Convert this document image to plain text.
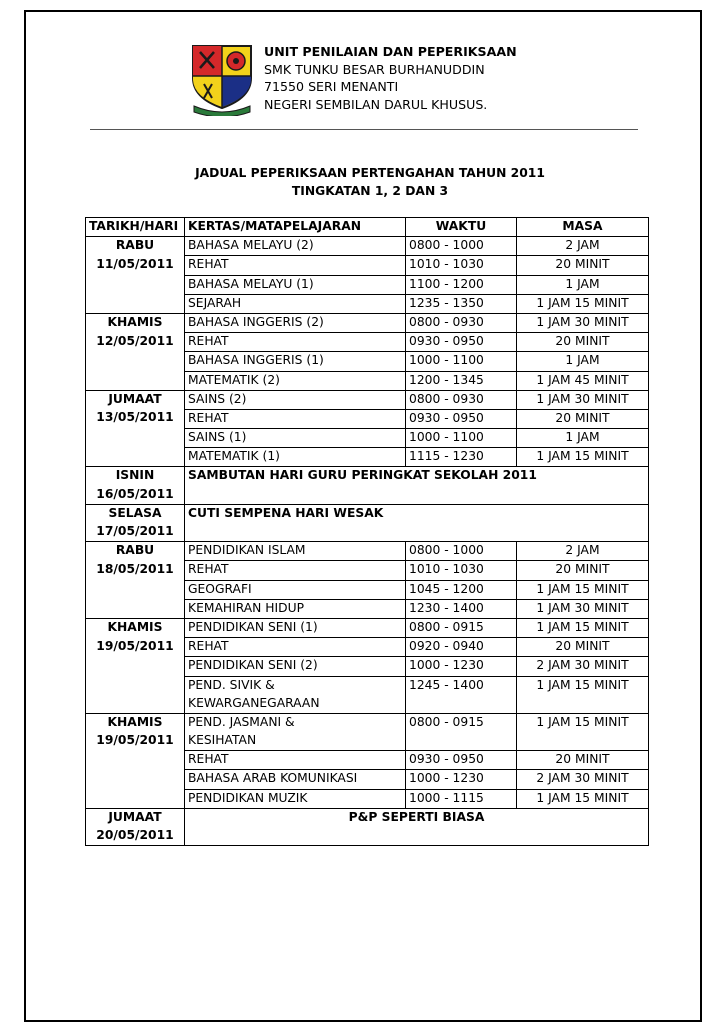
UNIT PENILAIAN DAN PEPERIKSAAN
SMK TUNKU BESAR BURHANUDDIN
71550 SERI MENANTI
NEGERI SEMBILAN DARUL KHUSUS.
JADUAL PEPERIKSAAN PERTENGAHAN TAHUN 2011
TINGKATAN 1, 2 DAN 3
TARIKH/HARI	KERTAS/MATAPELAJARAN	WAKTU	MASA
RABU	BAHASA MELAYU (2)	0800 - 1000	2 JAM
11/05/2011	REHAT	1010 - 1030	20 MINIT
	BAHASA MELAYU (1)	1100 - 1200	1 JAM
	SEJARAH	1235 - 1350	1 JAM 15 MINIT
KHAMIS	BAHASA INGGERIS (2)	0800 - 0930	1 JAM 30 MINIT
12/05/2011	REHAT	0930 - 0950	20 MINIT
	BAHASA INGGERIS (1)	1000 - 1100	1 JAM
	MATEMATIK (2)	1200 - 1345	1 JAM 45 MINIT
JUMAAT	SAINS (2)	0800 - 0930	1 JAM 30 MINIT
13/05/2011	REHAT	0930 - 0950	20 MINIT
	SAINS (1)	1000 - 1100	1 JAM
	MATEMATIK (1)	1115 - 1230	1 JAM 15 MINIT
ISNIN	SAMBUTAN HARI GURU PERINGKAT SEKOLAH 2011		
16/05/2011			
SELASA	CUTI SEMPENA HARI WESAK		
17/05/2011			
RABU	PENDIDIKAN ISLAM	0800 - 1000	2 JAM
18/05/2011	REHAT	1010 - 1030	20 MINIT
	GEOGRAFI	1045 - 1200	1 JAM 15 MINIT
	KEMAHIRAN HIDUP	1230 - 1400	1 JAM 30 MINIT
KHAMIS	PENDIDIKAN SENI (1)	0800 - 0915	1 JAM 15 MINIT
19/05/2011	REHAT	0920 - 0940	20 MINIT
	PENDIDIKAN SENI (2)	1000 - 1230	2 JAM 30 MINIT
	PEND. SIVIK &	1245 - 1400	1 JAM 15 MINIT
	KEWARGANEGARAAN		
KHAMIS	PEND. JASMANI &	0800 - 0915	1 JAM 15 MINIT
19/05/2011	KESIHATAN		
	REHAT	0930 - 0950	20 MINIT
	BAHASA ARAB KOMUNIKASI	1000 - 1230	2 JAM 30 MINIT
	PENDIDIKAN MUZIK	1000 - 1115	1 JAM 15 MINIT
JUMAAT	P&P SEPERTI BIASA		
20/05/2011			
